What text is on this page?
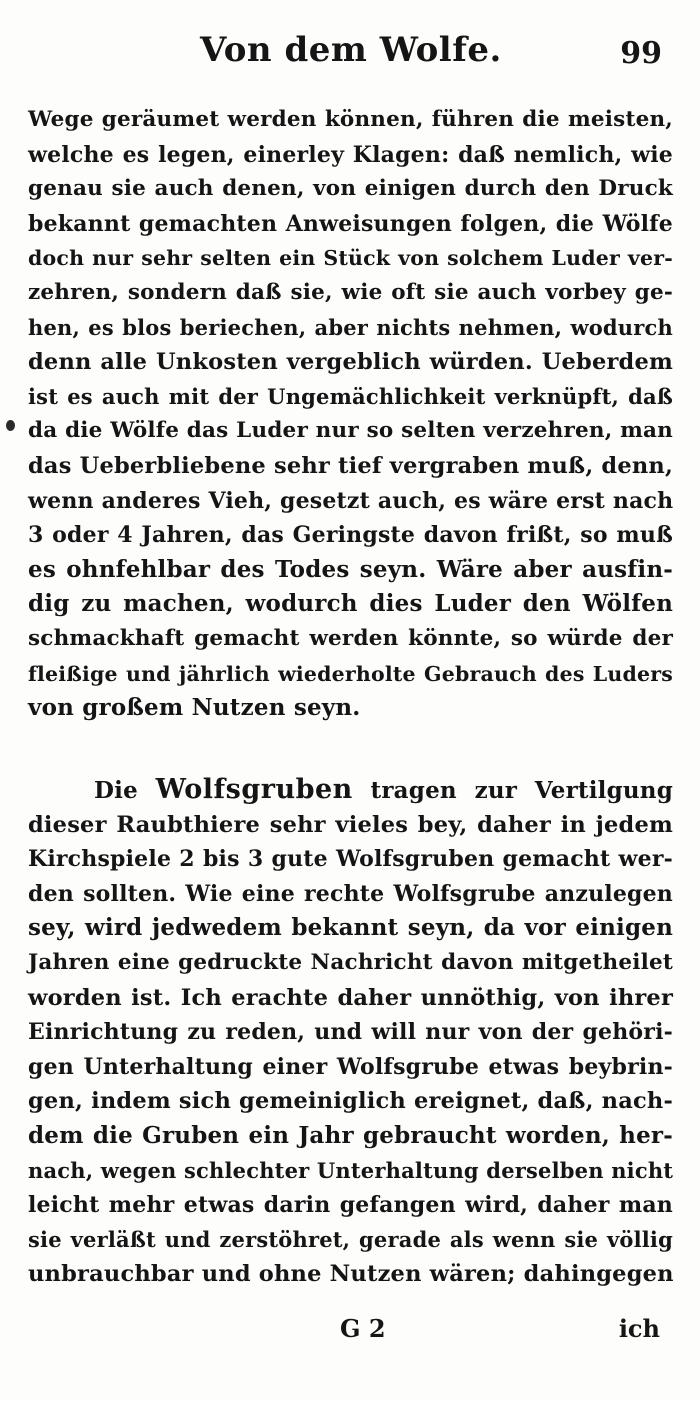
Von dem Wolfe.	99
Wege geräumet werden können, führen die meisten,
welche es legen, einerley Klagen: daß nemlich, wie
genau sie auch denen, von einigen durch den Druck
bekannt gemachten Anweisungen folgen, die Wölfe
doch nur sehr selten ein Stück von solchem Luder ver-
zehren, sondern daß sie, wie oft sie auch vorbey ge-
hen, es blos beriechen, aber nichts nehmen, wodurch
denn alle Unkosten vergeblich würden. Ueberdem
ist es auch mit der Ungemächlichkeit verknüpft, daß
da die Wölfe das Luder nur so selten verzehren, man
das Ueberbliebene sehr tief vergraben muß, denn,
wenn anderes Vieh, gesetzt auch, es wäre erst nach
3 oder 4 Jahren, das Geringste davon frißt, so muß
es ohnfehlbar des Todes seyn. Wäre aber ausfin-
dig zu machen, wodurch dies Luder den Wölfen
schmackhaft gemacht werden könnte, so würde der
fleißige und jährlich wiederholte Gebrauch des Luders
von großem Nutzen seyn.
Die Wolfsgruben tragen zur Vertilgung
dieser Raubthiere sehr vieles bey, daher in jedem
Kirchspiele 2 bis 3 gute Wolfsgruben gemacht wer-
den sollten. Wie eine rechte Wolfsgrube anzulegen
sey, wird jedwedem bekannt seyn, da vor einigen
Jahren eine gedruckte Nachricht davon mitgetheilet
worden ist. Ich erachte daher unnöthig, von ihrer
Einrichtung zu reden, und will nur von der gehöri-
gen Unterhaltung einer Wolfsgrube etwas beybrin-
gen, indem sich gemeiniglich ereignet, daß, nach-
dem die Gruben ein Jahr gebraucht worden, her-
nach, wegen schlechter Unterhaltung derselben nicht
leicht mehr etwas darin gefangen wird, daher man
sie verläßt und zerstöhret, gerade als wenn sie völlig
unbrauchbar und ohne Nutzen wären; dahingegen
G 2	ich
